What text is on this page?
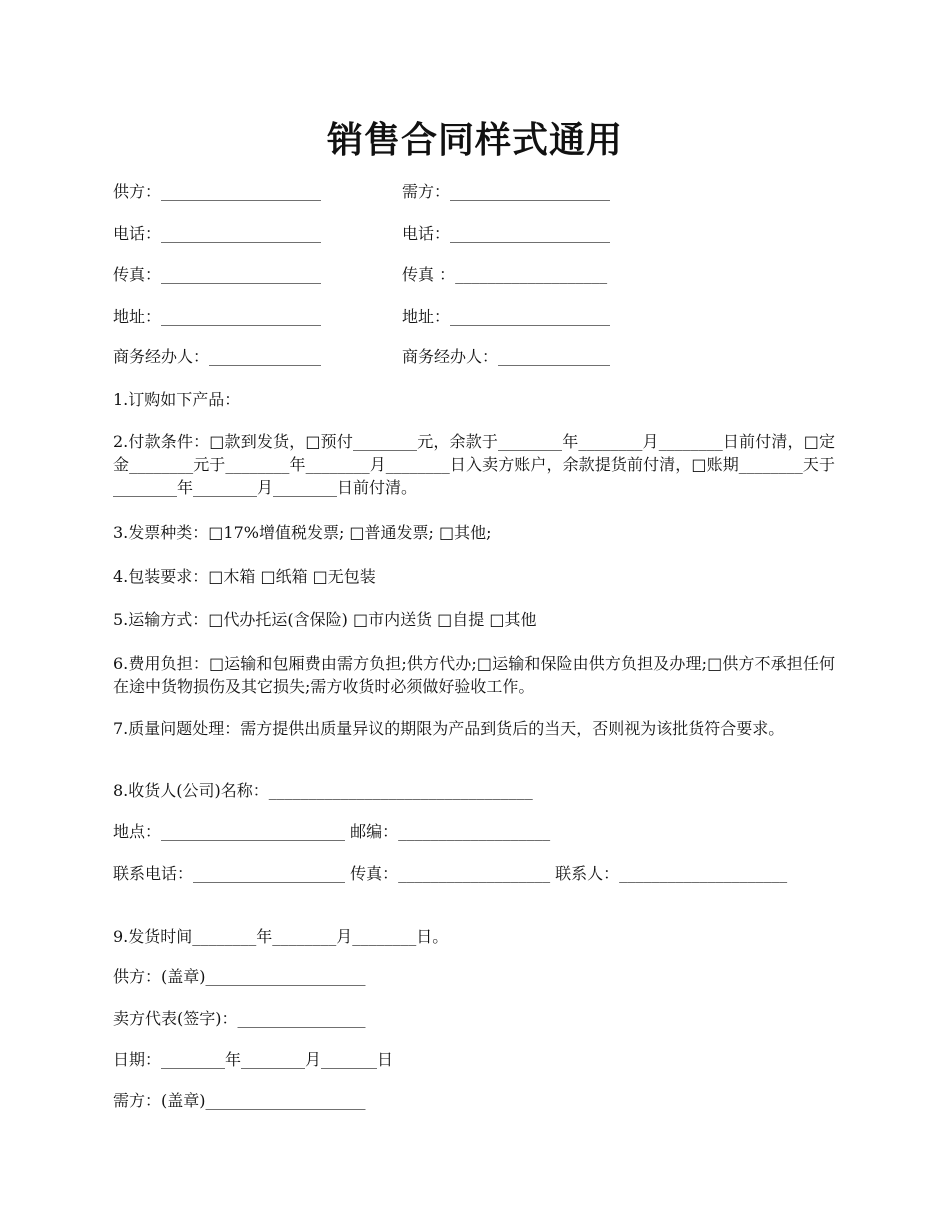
销售合同样式通用
供方：____________________	需方：____________________
电话：____________________	电话：____________________
传真：____________________	传真 ：___________________
地址：____________________	地址：____________________
商务经办人：______________	商务经办人：______________
1.订购如下产品：
2.付款条件：□款到发货，□预付________元，余款于________年________月________日前付清，□定金________元于________年________月________日入卖方账户，余款提货前付清，□账期________天于________年________月________日前付清。
3.发票种类：□17%增值税发票; □普通发票; □其他;
4.包装要求：□木箱 □纸箱 □无包装
5.运输方式：□代办托运(含保险) □市内送货 □自提 □其他
6.费用负担：□运输和包厢费由需方负担;供方代办;□运输和保险由供方负担及办理;□供方不承担任何在途中货物损伤及其它损失;需方收货时必须做好验收工作。
7.质量问题处理：需方提供出质量异议的期限为产品到货后的当天，否则视为该批货符合要求。
8.收货人(公司)名称：_________________________________
地点：_______________________ 邮编：___________________
联系电话：___________________ 传真：___________________ 联系人：_____________________
9.发货时间________年________月________日。
供方：(盖章)____________________
卖方代表(签字)：________________
日期：________年________月_______日
需方：(盖章)____________________
